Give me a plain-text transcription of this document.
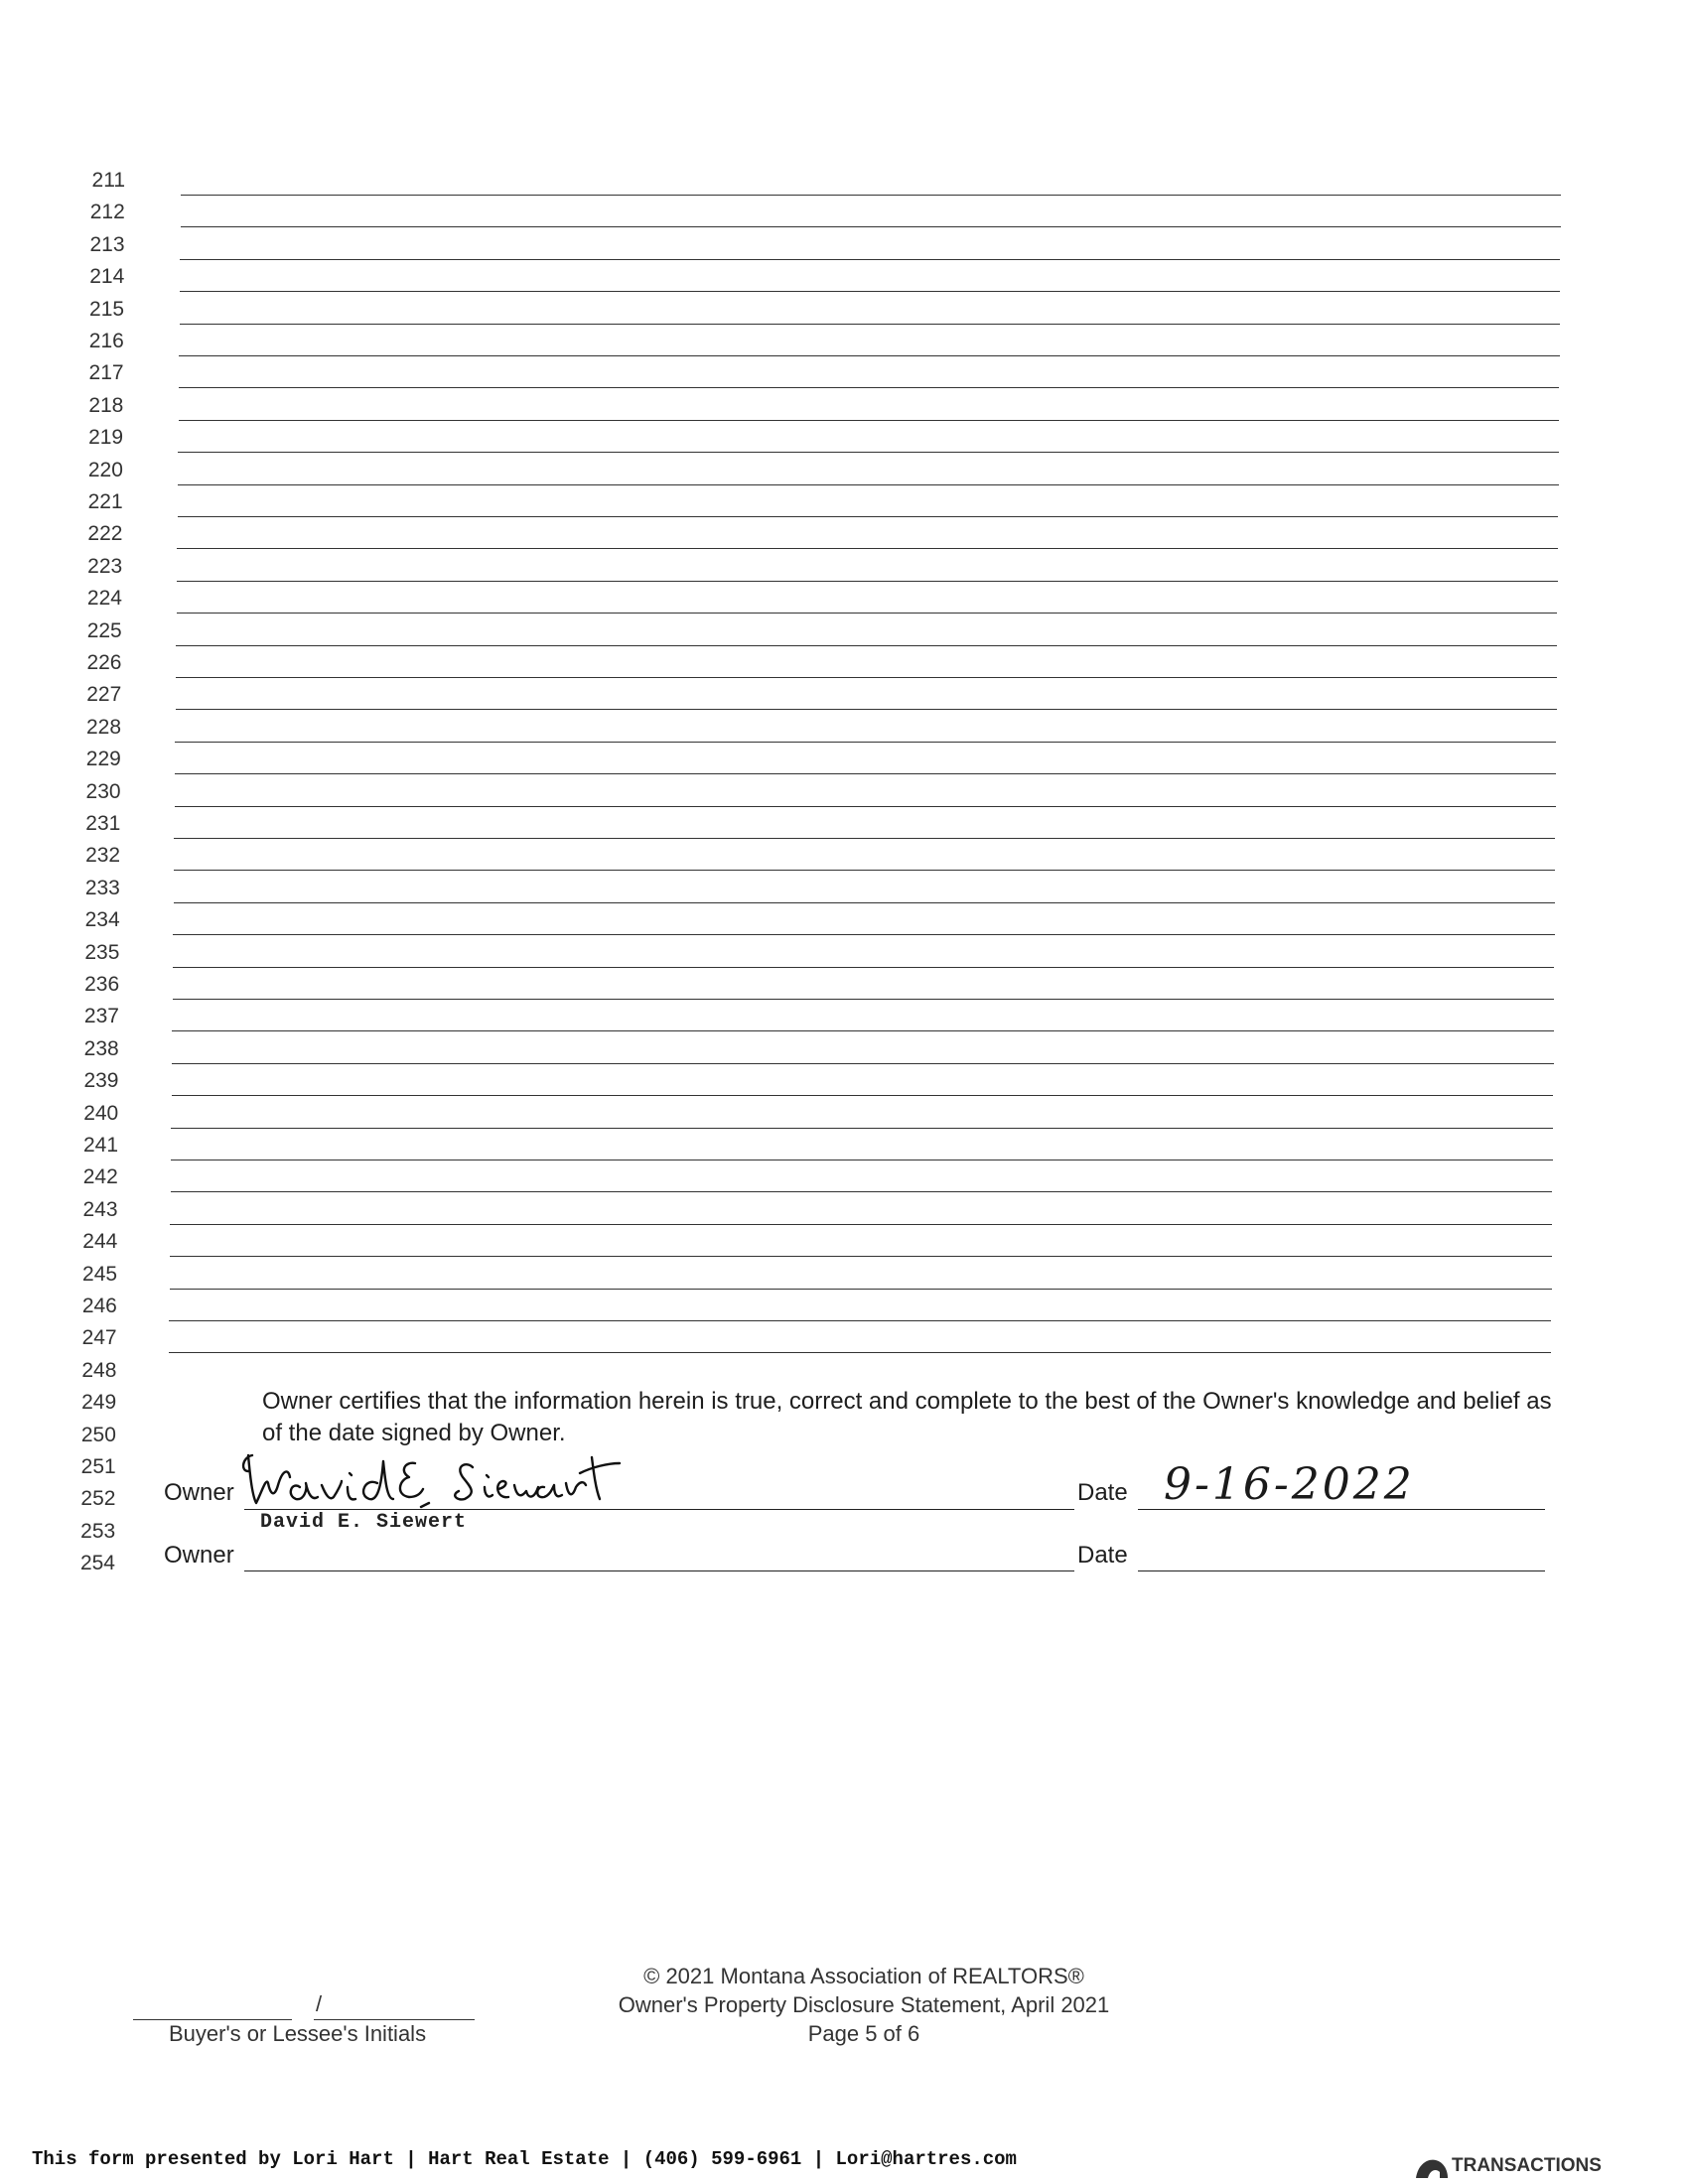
211
212
213
214
215
216
217
218
219
220
221
222
223
224
225
226
227
228
229
230
231
232
233
234
235
236
237
238
239
240
241
242
243
244
245
246
247
248
249
250
251
252
253
254
Owner certifies that the information herein is true, correct and complete to the best of the Owner's knowledge and belief as of the date signed by Owner.
Owner
David E. Siewert
Date 9-16-2022
Owner	Date
© 2021 Montana Association of REALTORS®
Owner's Property Disclosure Statement, April 2021
Page 5 of 6
/
Buyer's or Lessee's Initials
This form presented by Lori Hart | Hart Real Estate | (406) 599-6961 | Lori@hartres.com	TRANSACTIONS
